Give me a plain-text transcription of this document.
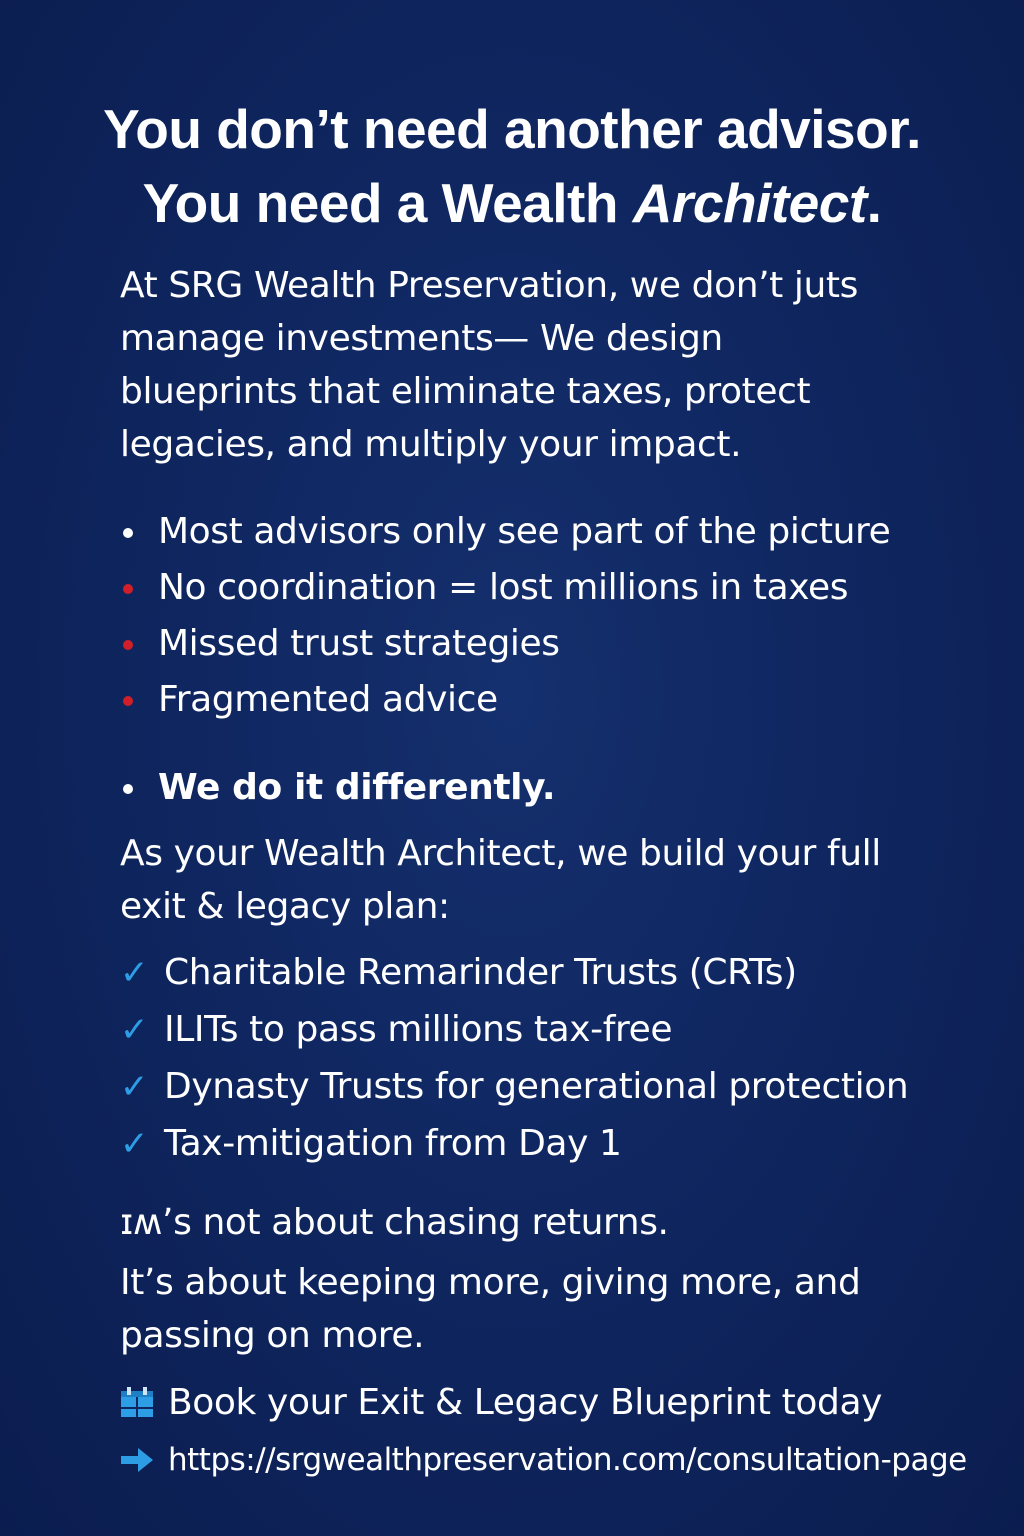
You don’t need another advisor.
You need a Wealth Architect.
At SRG Wealth Preservation, we don’t juts manage investments— We design blueprints that eliminate taxes, protect legacies, and multiply your impact.
Most advisors only see part of the picture
No coordination = lost millions in taxes
Missed trust strategies
Fragmented advice
We do it differently.
As your Wealth Architect, we build your full exit & legacy plan:
✓ Charitable Remarinder Trusts (CRTs)
✓ ILITs to pass millions tax-free
✓ Dynasty Trusts for generational protection
✓ Tax-mitigation from Day 1
ɪʍ’s not about chasing returns.
It’s about keeping more, giving more, and passing on more.
Book your Exit & Legacy Blueprint today
https://srgwealthpreservation.com/consultation-page
